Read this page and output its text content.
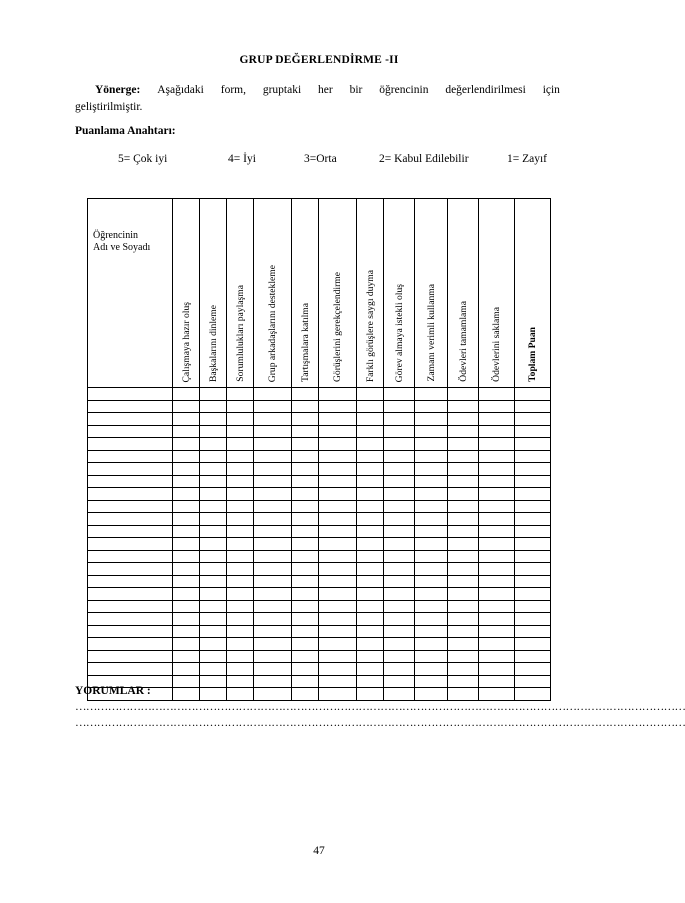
GRUP DEĞERLENDİRME -II
Yönerge: Aşağıdaki form, gruptaki her bir öğrencinin değerlendirilmesi için
geliştirilmiştir.
Puanlama Anahtarı:
5= Çok iyi	4= İyi	3=Orta	2= Kabul Edilebilir	1= Zayıf
Öğrencinin
Adı ve Soyadı	Çalışmaya hazır oluş	Başkalarını dinleme	Sorumlulukları paylaşma	Grup arkadaşlarını destekleme	Tartışmalara katılma	Görüşlerini gerekçelendirme	Farklı görüşlere saygı duyma	Görev almaya istekli oluş	Zamanı verimli kullanma	Ödevleri tamamlama	Ödevlerini saklama	Toplam Puan

YORUMLAR :
……………………………………………………………………………………………………………………………………………………
……………………………………………………………………………………………………………………………………………………
47
